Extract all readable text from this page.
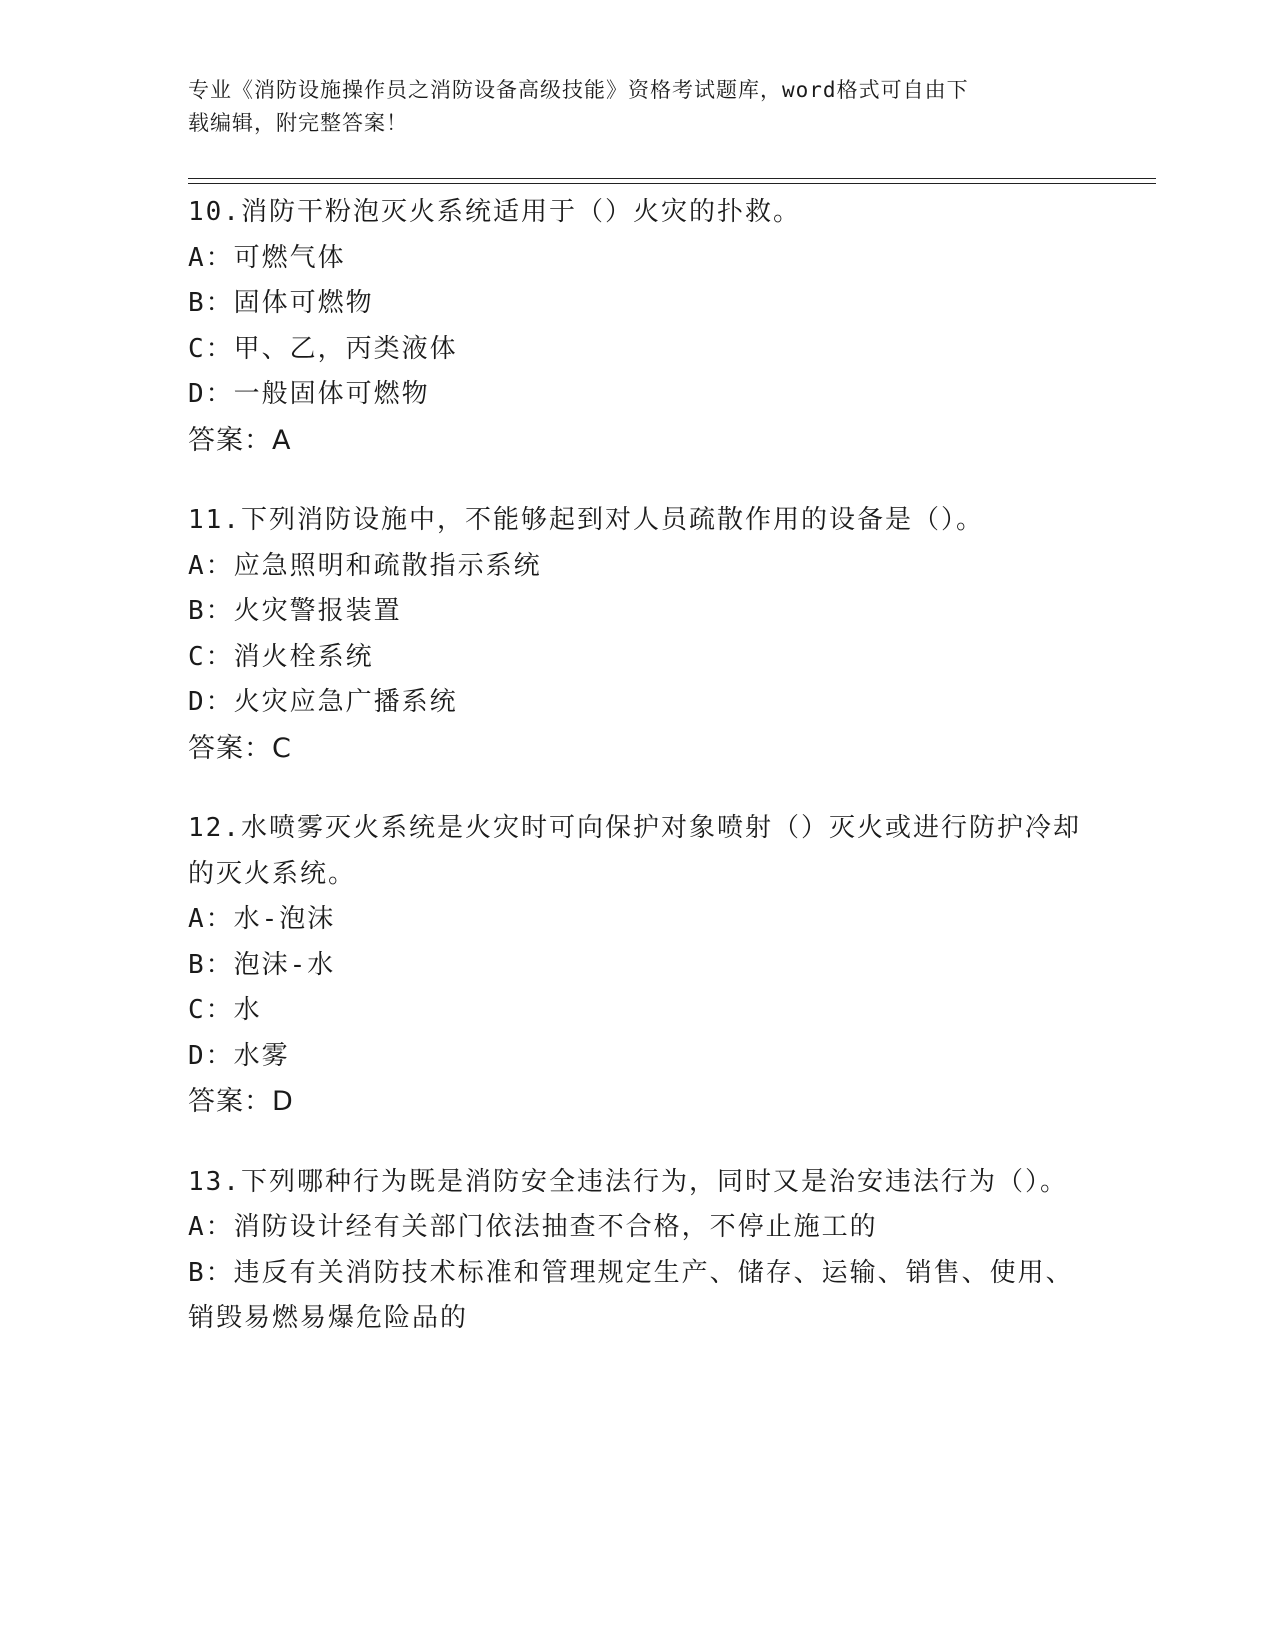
专业《消防设施操作员之消防设备高级技能》资格考试题库，word格式可自由下
载编辑，附完整答案！
10.消防干粉泡灭火系统适用于（）火灾的扑救。
A：可燃气体
B：固体可燃物
C：甲、乙，丙类液体
D：一般固体可燃物
答案：A
11.下列消防设施中，不能够起到对人员疏散作用的设备是（）。
A：应急照明和疏散指示系统
B：火灾警报装置
C：消火栓系统
D：火灾应急广播系统
答案：C
12.水喷雾灭火系统是火灾时可向保护对象喷射（）灭火或进行防护冷却的灭火系统。
A：水-泡沫
B：泡沫-水
C：水
D：水雾
答案：D
13.下列哪种行为既是消防安全违法行为，同时又是治安违法行为（）。
A：消防设计经有关部门依法抽查不合格，不停止施工的
B：违反有关消防技术标准和管理规定生产、储存、运输、销售、使用、销毁易燃易爆危险品的
